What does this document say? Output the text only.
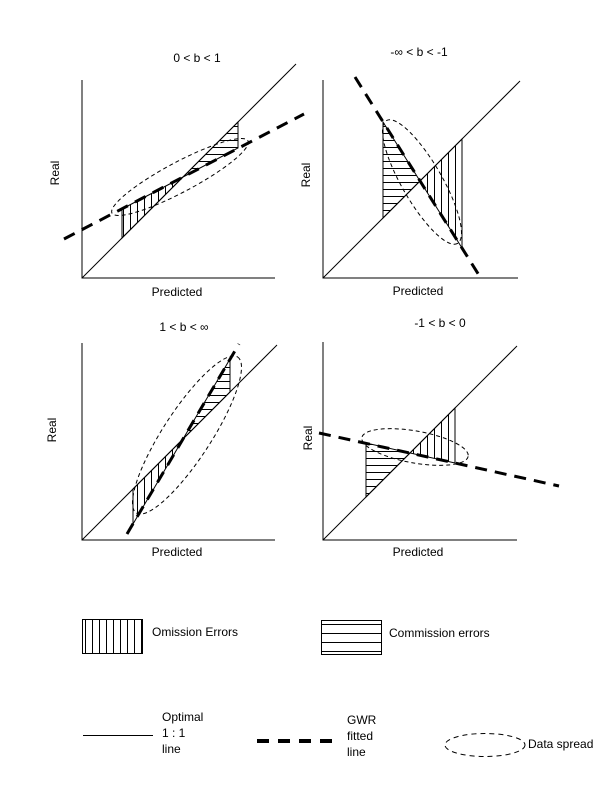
0 < b < 1
Real
Predicted
-∞ < b < -1
Real
Predicted
1 < b < ∞
Real
Predicted
-1 < b < 0
Real
Predicted
Omission Errors	Commission errors
Optimal
1 : 1
line
GWR
fitted
line
Data spread
